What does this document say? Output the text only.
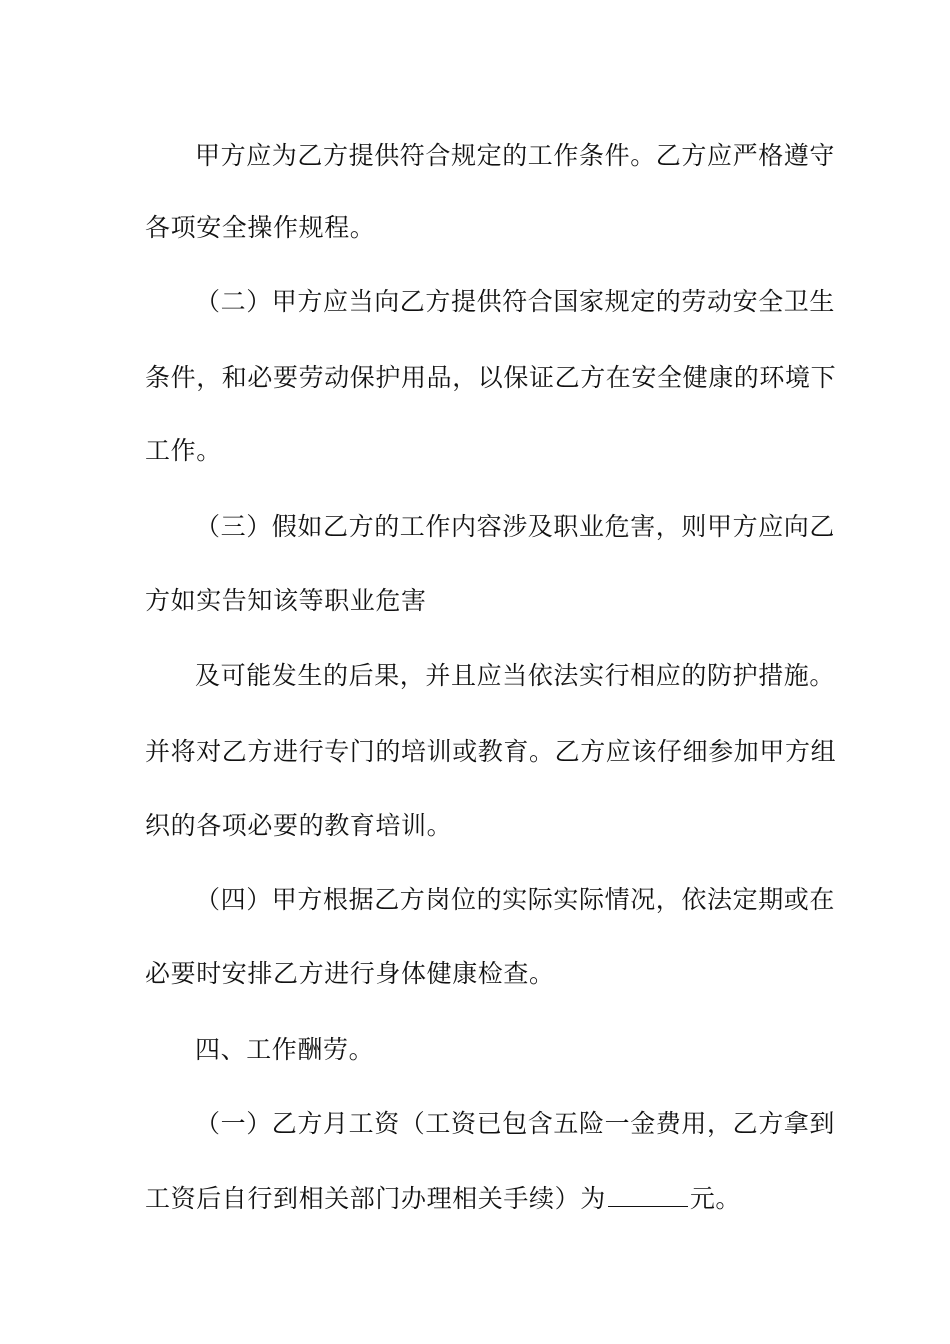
甲方应为乙方提供符合规定的工作条件。乙方应严格遵守
各项安全操作规程。
（二）甲方应当向乙方提供符合国家规定的劳动安全卫生
条件，和必要劳动保护用品，以保证乙方在安全健康的环境下
工作。
（三）假如乙方的工作内容涉及职业危害，则甲方应向乙
方如实告知该等职业危害
及可能发生的后果，并且应当依法实行相应的防护措施。
并将对乙方进行专门的培训或教育。乙方应该仔细参加甲方组
织的各项必要的教育培训。
（四）甲方根据乙方岗位的实际实际情况，依法定期或在
必要时安排乙方进行身体健康检查。
四、工作酬劳。
（一）乙方月工资（工资已包含五险一金费用，乙方拿到
工资后自行到相关部门办理相关手续）为	元。
